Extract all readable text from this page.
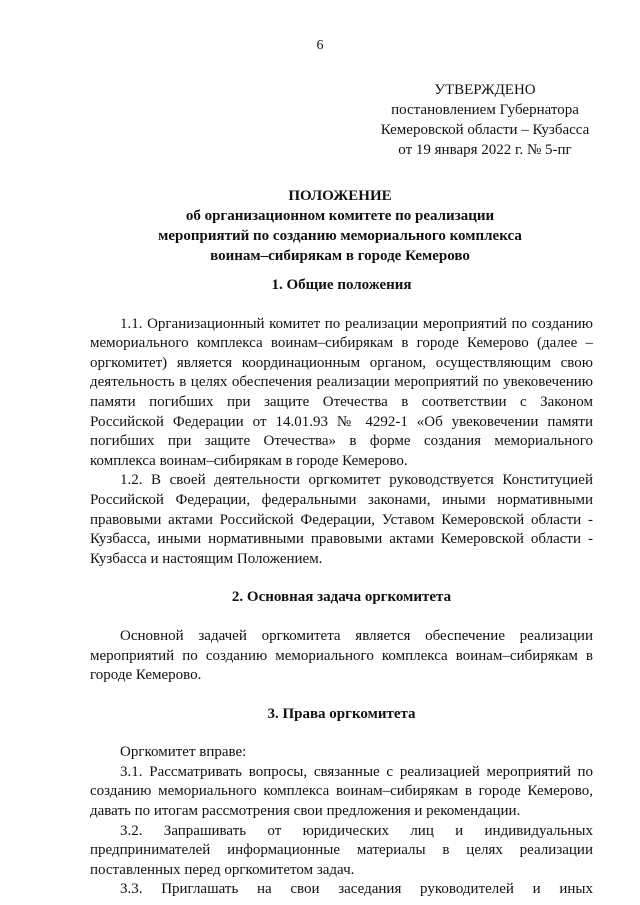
6
УТВЕРЖДЕНО
постановлением Губернатора
Кемеровской области – Кузбасса
от 19 января 2022 г. № 5-пг
ПОЛОЖЕНИЕ
об организационном комитете по реализации
мероприятий по созданию мемориального комплекса
воинам–сибирякам в городе Кемерово

1. Общие положения

1.1. Организационный комитет по реализации мероприятий по созданию мемориального комплекса воинам–сибирякам в городе Кемерово (далее – оргкомитет) является координационным органом, осуществляющим свою деятельность в целях обеспечения реализации мероприятий по увековечению памяти погибших при защите Отечества в соответствии с Законом Российской Федерации от 14.01.93 № 4292-1 «Об увековечении памяти погибших при защите Отечества» в форме создания мемориального комплекса воинам–сибирякам в городе Кемерово.

1.2. В своей деятельности оргкомитет руководствуется Конституцией Российской Федерации, федеральными законами, иными нормативными правовыми актами Российской Федерации, Уставом Кемеровской области - Кузбасса, иными нормативными правовыми актами Кемеровской области - Кузбасса и настоящим Положением.

2. Основная задача оргкомитета

Основной задачей оргкомитета является обеспечение реализации мероприятий по созданию мемориального комплекса воинам–сибирякам в городе Кемерово.

3. Права оргкомитета

Оргкомитет вправе:

3.1. Рассматривать вопросы, связанные с реализацией мероприятий по созданию мемориального комплекса воинам–сибирякам в городе Кемерово, давать по итогам рассмотрения свои предложения и рекомендации.

3.2. Запрашивать от юридических лиц и индивидуальных предпринимателей информационные материалы в целях реализации поставленных перед оргкомитетом задач.

3.3. Приглашать на свои заседания руководителей и иных
